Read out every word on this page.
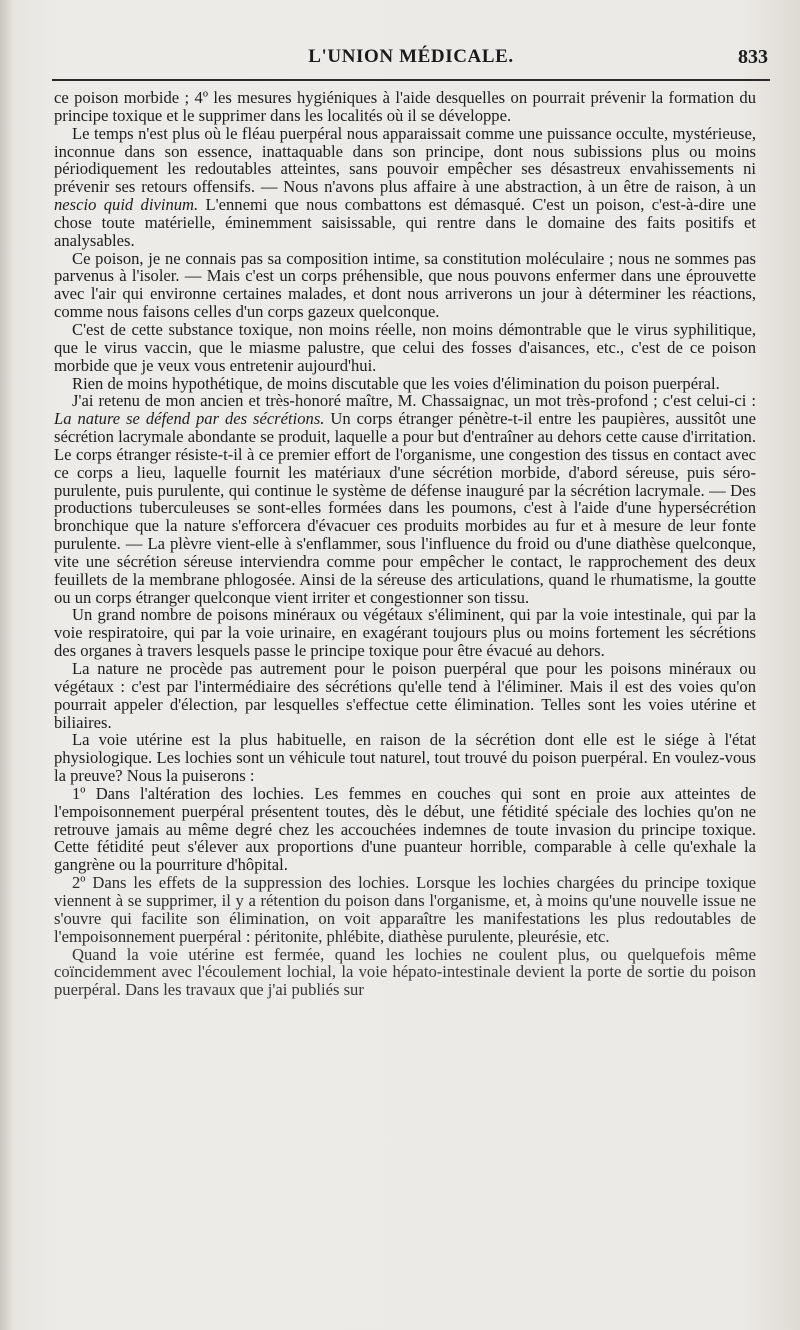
L'UNION MÉDICALE.	833

ce poison morbide ; 4º les mesures hygiéniques à l'aide desquelles on pourrait prévenir la formation du principe toxique et le supprimer dans les localités où il se développe.

Le temps n'est plus où le fléau puerpéral nous apparaissait comme une puissance occulte, mystérieuse, inconnue dans son essence, inattaquable dans son principe, dont nous subissions plus ou moins périodiquement les redoutables atteintes, sans pouvoir empêcher ses désastreux envahissements ni prévenir ses retours offensifs. — Nous n'avons plus affaire à une abstraction, à un être de raison, à un nescio quid divinum. L'ennemi que nous combattons est démasqué. C'est un poison, c'est-à-dire une chose toute matérielle, éminemment saisissable, qui rentre dans le domaine des faits positifs et analysables.

Ce poison, je ne connais pas sa composition intime, sa constitution moléculaire ; nous ne sommes pas parvenus à l'isoler. — Mais c'est un corps préhensible, que nous pouvons enfermer dans une éprouvette avec l'air qui environne certaines malades, et dont nous arriverons un jour à déterminer les réactions, comme nous faisons celles d'un corps gazeux quelconque.

C'est de cette substance toxique, non moins réelle, non moins démontrable que le virus syphilitique, que le virus vaccin, que le miasme palustre, que celui des fosses d'aisances, etc., c'est de ce poison morbide que je veux vous entretenir aujourd'hui.

Rien de moins hypothétique, de moins discutable que les voies d'élimination du poison puerpéral.

J'ai retenu de mon ancien et très-honoré maître, M. Chassaignac, un mot très-profond ; c'est celui-ci : La nature se défend par des sécrétions. Un corps étranger pénètre-t-il entre les paupières, aussitôt une sécrétion lacrymale abondante se produit, laquelle a pour but d'entraîner au dehors cette cause d'irritation. Le corps étranger résiste-t-il à ce premier effort de l'organisme, une congestion des tissus en contact avec ce corps a lieu, laquelle fournit les matériaux d'une sécrétion morbide, d'abord séreuse, puis séro-purulente, puis purulente, qui continue le système de défense inauguré par la sécrétion lacrymale. — Des productions tuberculeuses se sont-elles formées dans les poumons, c'est à l'aide d'une hypersécrétion bronchique que la nature s'efforcera d'évacuer ces produits morbides au fur et à mesure de leur fonte purulente. — La plèvre vient-elle à s'enflammer, sous l'influence du froid ou d'une diathèse quelconque, vite une sécrétion séreuse interviendra comme pour empêcher le contact, le rapprochement des deux feuillets de la membrane phlogosée. Ainsi de la séreuse des articulations, quand le rhumatisme, la goutte ou un corps étranger quelconque vient irriter et congestionner son tissu.

Un grand nombre de poisons minéraux ou végétaux s'éliminent, qui par la voie intestinale, qui par la voie respiratoire, qui par la voie urinaire, en exagérant toujours plus ou moins fortement les sécrétions des organes à travers lesquels passe le principe toxique pour être évacué au dehors.

La nature ne procède pas autrement pour le poison puerpéral que pour les poisons minéraux ou végétaux : c'est par l'intermédiaire des sécrétions qu'elle tend à l'éliminer. Mais il est des voies qu'on pourrait appeler d'élection, par lesquelles s'effectue cette élimination. Telles sont les voies utérine et biliaires.

La voie utérine est la plus habituelle, en raison de la sécrétion dont elle est le siége à l'état physiologique. Les lochies sont un véhicule tout naturel, tout trouvé du poison puerpéral. En voulez-vous la preuve? Nous la puiserons :

1º Dans l'altération des lochies. Les femmes en couches qui sont en proie aux atteintes de l'empoisonnement puerpéral présentent toutes, dès le début, une fétidité spéciale des lochies qu'on ne retrouve jamais au même degré chez les accouchées indemnes de toute invasion du principe toxique. Cette fétidité peut s'élever aux proportions d'une puanteur horrible, comparable à celle qu'exhale la gangrène ou la pourriture d'hôpital.

2º Dans les effets de la suppression des lochies. Lorsque les lochies chargées du principe toxique viennent à se supprimer, il y a rétention du poison dans l'organisme, et, à moins qu'une nouvelle issue ne s'ouvre qui facilite son élimination, on voit apparaître les manifestations les plus redoutables de l'empoisonnement puerpéral : péritonite, phlébite, diathèse purulente, pleurésie, etc.

Quand la voie utérine est fermée, quand les lochies ne coulent plus, ou quelquefois même coïncidemment avec l'écoulement lochial, la voie hépato-intestinale devient la porte de sortie du poison puerpéral. Dans les travaux que j'ai publiés sur
